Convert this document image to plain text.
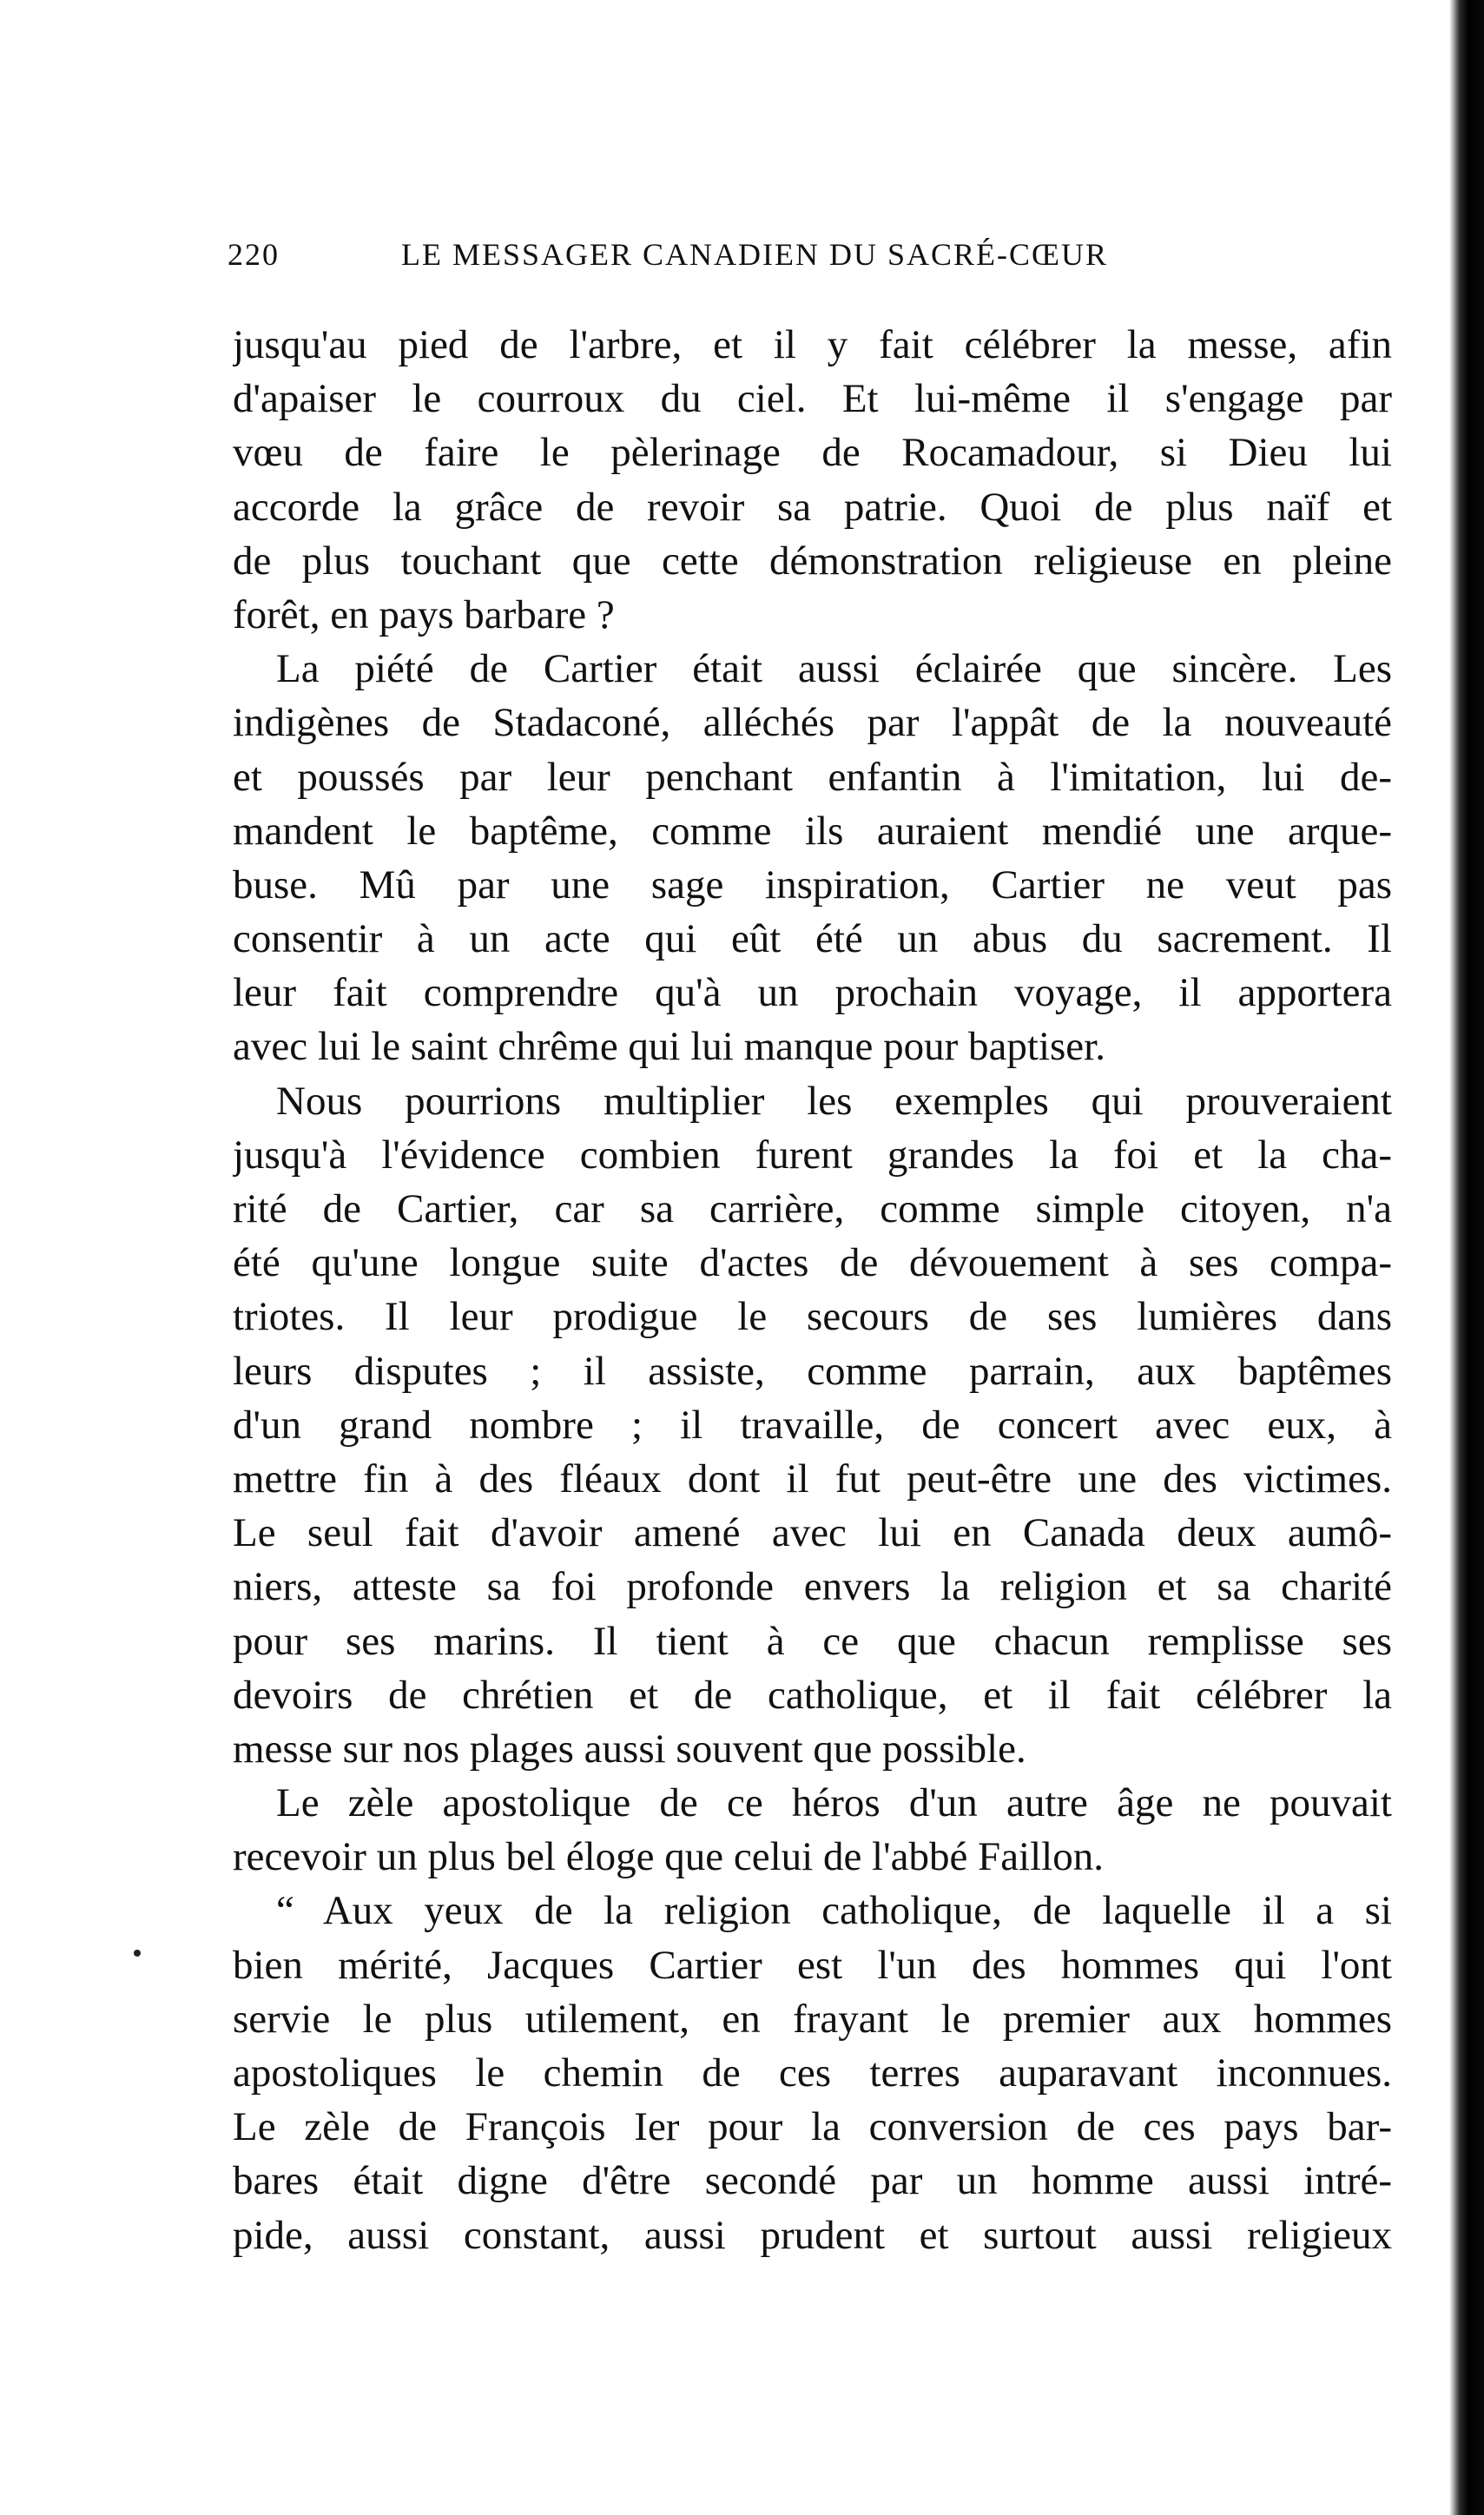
220	LE MESSAGER CANADIEN DU SACRÉ-CŒUR
jusqu'au pied de l'arbre, et il y fait célébrer la messe, afin
d'apaiser le courroux du ciel. Et lui-même il s'engage par
vœu de faire le pèlerinage de Rocamadour, si Dieu lui
accorde la grâce de revoir sa patrie. Quoi de plus naïf et
de plus touchant que cette démonstration religieuse en pleine
forêt, en pays barbare ?
La piété de Cartier était aussi éclairée que sincère. Les
indigènes de Stadaconé, alléchés par l'appât de la nouveauté
et poussés par leur penchant enfantin à l'imitation, lui de-
mandent le baptême, comme ils auraient mendié une arque-
buse. Mû par une sage inspiration, Cartier ne veut pas
consentir à un acte qui eût été un abus du sacrement. Il
leur fait comprendre qu'à un prochain voyage, il apportera
avec lui le saint chrême qui lui manque pour baptiser.
Nous pourrions multiplier les exemples qui prouveraient
jusqu'à l'évidence combien furent grandes la foi et la cha-
rité de Cartier, car sa carrière, comme simple citoyen, n'a
été qu'une longue suite d'actes de dévouement à ses compa-
triotes. Il leur prodigue le secours de ses lumières dans
leurs disputes ; il assiste, comme parrain, aux baptêmes
d'un grand nombre ; il travaille, de concert avec eux, à
mettre fin à des fléaux dont il fut peut-être une des victimes.
Le seul fait d'avoir amené avec lui en Canada deux aumô-
niers, atteste sa foi profonde envers la religion et sa charité
pour ses marins. Il tient à ce que chacun remplisse ses
devoirs de chrétien et de catholique, et il fait célébrer la
messe sur nos plages aussi souvent que possible.
Le zèle apostolique de ce héros d'un autre âge ne pouvait
recevoir un plus bel éloge que celui de l'abbé Faillon.
“ Aux yeux de la religion catholique, de laquelle il a si
bien mérité, Jacques Cartier est l'un des hommes qui l'ont
servie le plus utilement, en frayant le premier aux hommes
apostoliques le chemin de ces terres auparavant inconnues.
Le zèle de François Ier pour la conversion de ces pays bar-
bares était digne d'être secondé par un homme aussi intré-
pide, aussi constant, aussi prudent et surtout aussi religieux
